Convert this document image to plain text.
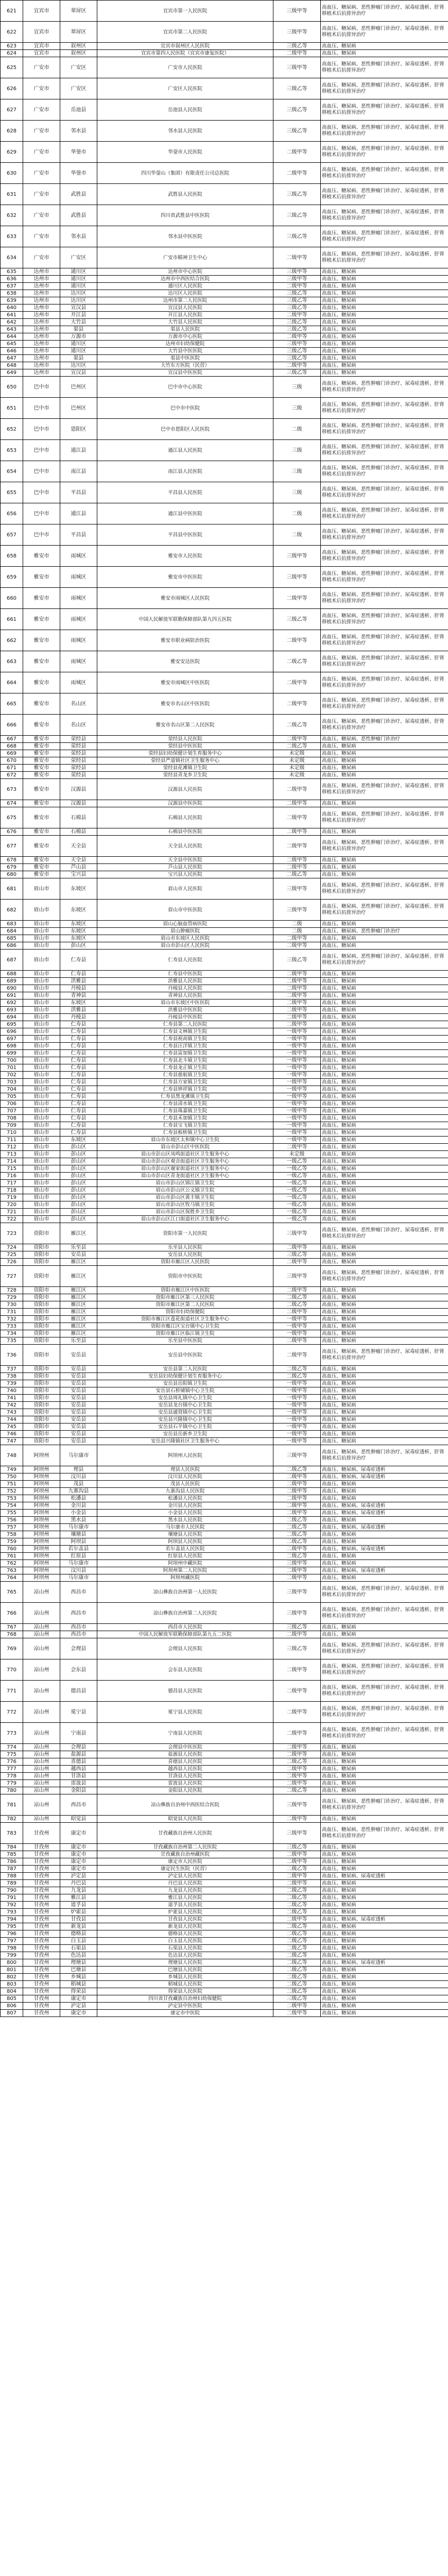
621	宜宾市	翠屏区	宜宾市第一人民医院	三级甲等	高血压、糖尿病、恶性肿瘤门诊治疗、尿毒症透析、肝肾移植术后抗排异治疗
622	宜宾市	翠屏区	宜宾市第二人民医院	三级甲等	高血压、糖尿病、恶性肿瘤门诊治疗、尿毒症透析、肝肾移植术后抗排异治疗
623	宜宾市	叙州区	宜宾市叙州区人民医院	三级乙等	高血压、糖尿病
624	宜宾市	叙州区	宜宾市第四人民医院（宜宾市康复医院）	二级甲等	高血压、糖尿病
625	广安市	广安区	广安市人民医院	三级甲等	高血压、糖尿病、恶性肿瘤门诊治疗、尿毒症透析、肝肾移植术后抗排异治疗
626	广安市	广安区	广安区人民医院	三级乙等	高血压、糖尿病、恶性肿瘤门诊治疗、尿毒症透析、肝肾移植术后抗排异治疗
627	广安市	岳池县	岳池县人民医院	三级乙等	高血压、糖尿病、恶性肿瘤门诊治疗、尿毒症透析、肝肾移植术后抗排异治疗
628	广安市	邻水县	邻水县人民医院	三级乙等	高血压、糖尿病、恶性肿瘤门诊治疗、尿毒症透析、肝肾移植术后抗排异治疗
629	广安市	华蓥市	华蓥市人民医院	二级甲等	高血压、糖尿病、恶性肿瘤门诊治疗、尿毒症透析、肝肾移植术后抗排异治疗
630	广安市	华蓥市	四川华蓥山（集团）有限责任公司总医院	二级甲等	高血压、糖尿病、恶性肿瘤门诊治疗、尿毒症透析、肝肾移植术后抗排异治疗
631	广安市	武胜县	武胜县人民医院	三级乙等	高血压、糖尿病、恶性肿瘤门诊治疗、尿毒症透析、肝肾移植术后抗排异治疗
632	广安市	武胜县	四川省武胜县中医医院	三级乙等	高血压、糖尿病、恶性肿瘤门诊治疗、尿毒症透析、肝肾移植术后抗排异治疗
633	广安市	邻水县	邻水县中医医院	三级乙等	高血压、糖尿病、恶性肿瘤门诊治疗、尿毒症透析、肝肾移植术后抗排异治疗
634	广安市	广安区	广安市精神卫生中心	二级甲等	高血压、糖尿病、恶性肿瘤门诊治疗、尿毒症透析、肝肾移植术后抗排异治疗
635	达州市	通川区	达州市中心医院	三级甲等	高血压、糖尿病
636	达州市	通川区	达州市中西医结合医院	三级甲等	高血压、糖尿病
637	达州市	通川区	通川区人民医院	二级甲等	高血压、糖尿病
638	达州市	达川区	达川区人民医院	三级乙等	高血压、糖尿病
639	达州市	达川区	达州市第二人民医院	三级乙等	高血压、糖尿病
640	达州市	宣汉县	宣汉县人民医院	三级乙等	高血压、糖尿病
641	达州市	开江县	开江县人民医院	二级甲等	高血压、糖尿病
642	达州市	大竹县	大竹县人民医院	三级乙等	高血压、糖尿病
643	达州市	渠县	渠县人民医院	三级乙等	高血压、糖尿病
644	达州市	万源市	万源市中心医院	二级甲等	高血压、糖尿病
645	达州市	通川区	达州市妇幼保健院	三级甲等	高血压、糖尿病
646	达州市	通川区	大竹县中医医院	三级乙等	高血压、糖尿病
647	达州市	渠县	渠县中医医院	三级乙等	高血压、糖尿病
648	达州市	达川区	大竹东方医院（民营）	二级甲等	高血压、糖尿病
649	达州市	宣汉县	宣汉县中医医院	三级乙等	高血压、糖尿病
650	巴中市	巴州区	巴中市中心医院	三级	高血压、糖尿病、恶性肿瘤门诊治疗、尿毒症透析、肝肾移植术后抗排异治疗
651	巴中市	巴州区	巴中市中医院	三级	高血压、糖尿病、恶性肿瘤门诊治疗、尿毒症透析、肝肾移植术后抗排异治疗
652	巴中市	恩阳区	巴中市恩阳区人民医院	二级	高血压、糖尿病、恶性肿瘤门诊治疗、尿毒症透析、肝肾移植术后抗排异治疗
653	巴中市	通江县	通江县人民医院	三级	高血压、糖尿病、恶性肿瘤门诊治疗、尿毒症透析、肝肾移植术后抗排异治疗
654	巴中市	南江县	南江县人民医院	三级	高血压、糖尿病、恶性肿瘤门诊治疗、尿毒症透析、肝肾移植术后抗排异治疗
655	巴中市	平昌县	平昌县人民医院	三级	高血压、糖尿病、恶性肿瘤门诊治疗、尿毒症透析、肝肾移植术后抗排异治疗
656	巴中市	通江县	通江县中医医院	二级	高血压、糖尿病、恶性肿瘤门诊治疗、尿毒症透析、肝肾移植术后抗排异治疗
657	巴中市	平昌县	平昌县中医医院	二级	高血压、糖尿病、恶性肿瘤门诊治疗、尿毒症透析、肝肾移植术后抗排异治疗
658	雅安市	雨城区	雅安市人民医院	三级甲等	高血压、糖尿病、恶性肿瘤门诊治疗、尿毒症透析、肝肾移植术后抗排异治疗
659	雅安市	雨城区	雅安市中医医院	三级甲等	高血压、糖尿病、恶性肿瘤门诊治疗、尿毒症透析、肝肾移植术后抗排异治疗
660	雅安市	雨城区	雅安市雨城区人民医院	二级甲等	高血压、糖尿病、恶性肿瘤门诊治疗、尿毒症透析、肝肾移植术后抗排异治疗
661	雅安市	雨城区	中国人民解放军联勤保障部队第九四五医院	三级乙等	高血压、糖尿病、恶性肿瘤门诊治疗、尿毒症透析、肝肾移植术后抗排异治疗
662	雅安市	雨城区	雅安市职业病防治医院	二级甲等	高血压、糖尿病、恶性肿瘤门诊治疗、尿毒症透析、肝肾移植术后抗排异治疗
663	雅安市	雨城区	雅安安达医院	二级乙等	高血压、糖尿病、恶性肿瘤门诊治疗、尿毒症透析、肝肾移植术后抗排异治疗
664	雅安市	雨城区	雅安市雨城区中医医院	二级甲等	高血压、糖尿病、恶性肿瘤门诊治疗、尿毒症透析、肝肾移植术后抗排异治疗
665	雅安市	名山区	雅安市名山区中医医院	二级甲等	高血压、糖尿病、恶性肿瘤门诊治疗、尿毒症透析、肝肾移植术后抗排异治疗
666	雅安市	名山区	雅安市名山区第二人民医院	二级乙等	高血压、糖尿病、恶性肿瘤门诊治疗、尿毒症透析、肝肾移植术后抗排异治疗
667	雅安市	荥经县	荥经县人民医院	二级甲等	高血压、糖尿病、恶性肿瘤门诊治疗
668	雅安市	荥经县	荥经县中医医院	二级乙等	高血压、糖尿病
669	雅安市	荥经县	荥经县妇幼保健计划生育服务中心	未定级	高血压、糖尿病
670	雅安市	荥经县	荥经县严道镇社区卫生服务中心	未定级	高血压、糖尿病
671	雅安市	荥经县	荥经县花滩镇卫生院	未定级	高血压、糖尿病
672	雅安市	荥经县	荥经县青龙乡卫生院	未定级	高血压、糖尿病
673	雅安市	汉源县	汉源县人民医院	二级甲等	高血压、糖尿病、恶性肿瘤门诊治疗、尿毒症透析、肝肾移植术后抗排异治疗
674	雅安市	汉源县	汉源县中医医院	二级甲等	高血压、糖尿病
675	雅安市	石棉县	石棉县人民医院	二级甲等	高血压、糖尿病、恶性肿瘤门诊治疗、尿毒症透析、肝肾移植术后抗排异治疗
676	雅安市	石棉县	石棉县中医医院	二级甲等	高血压、糖尿病
677	雅安市	天全县	天全县人民医院	二级甲等	高血压、糖尿病、恶性肿瘤门诊治疗、尿毒症透析、肝肾移植术后抗排异治疗
678	雅安市	天全县	天全县中医医院	二级甲等	高血压、糖尿病
679	雅安市	芦山县	芦山县人民医院	二级甲等	高血压、糖尿病
680	雅安市	宝兴县	宝兴县人民医院	二级乙等	高血压、糖尿病
681	眉山市	东坡区	眉山市人民医院	三级甲等	高血压、糖尿病、恶性肿瘤门诊治疗、尿毒症透析、肝肾移植术后抗排异治疗
682	眉山市	东坡区	眉山市中医医院	三级甲等	高血压、糖尿病、恶性肿瘤门诊治疗、尿毒症透析、肝肾移植术后抗排异治疗
683	眉山市	东坡区	眉山心脑血管病医院	二级	高血压、糖尿病
684	眉山市	东坡区	眉山肿瘤医院	二级	高血压、糖尿病、恶性肿瘤门诊治疗
685	眉山市	东坡区	眉山市东坡区人民医院	二级甲等	高血压、糖尿病
686	眉山市	彭山区	眉山市彭山区人民医院	二级甲等	高血压、糖尿病
687	眉山市	仁寿县	仁寿县人民医院	三级乙等	高血压、糖尿病、恶性肿瘤门诊治疗、尿毒症透析、肝肾移植术后抗排异治疗
688	眉山市	仁寿县	仁寿县中医医院	二级甲等	高血压、糖尿病
689	眉山市	洪雅县	洪雅县人民医院	二级甲等	高血压、糖尿病
690	眉山市	丹棱县	丹棱县人民医院	二级甲等	高血压、糖尿病
691	眉山市	青神县	青神县人民医院	二级甲等	高血压、糖尿病
692	眉山市	东坡区	眉山市东坡区中医医院	二级甲等	高血压、糖尿病
693	眉山市	洪雅县	洪雅县中医医院	二级甲等	高血压、糖尿病
694	眉山市	丹棱县	丹棱县中医医院	二级甲等	高血压、糖尿病
695	眉山市	仁寿县	仁寿县第二人民医院	二级甲等	高血压、糖尿病
696	眉山市	仁寿县	仁寿县文林镇卫生院	一级甲等	高血压、糖尿病
697	眉山市	仁寿县	仁寿县视高镇卫生院	一级甲等	高血压、糖尿病
698	眉山市	仁寿县	仁寿县汪洋镇卫生院	一级甲等	高血压、糖尿病
699	眉山市	仁寿县	仁寿县富加镇卫生院	一级甲等	高血压、糖尿病
700	眉山市	仁寿县	仁寿县北斗镇卫生院	一级甲等	高血压、糖尿病
701	眉山市	仁寿县	仁寿县龙正镇卫生院	一级甲等	高血压、糖尿病
702	眉山市	仁寿县	仁寿县慈航镇卫生院	一级甲等	高血压、糖尿病
703	眉山市	仁寿县	仁寿县方家镇卫生院	一级甲等	高血压、糖尿病
704	眉山市	仁寿县	仁寿县钟祥镇卫生院	一级甲等	高血压、糖尿病
705	眉山市	仁寿县	仁寿县黑龙滩镇卫生院	一级甲等	高血压、糖尿病
706	眉山市	仁寿县	仁寿县清水镇卫生院	一级甲等	高血压、糖尿病
707	眉山市	仁寿县	仁寿县珠嘉镇卫生院	一级甲等	高血压、糖尿病
708	眉山市	仁寿县	仁寿县禾加镇卫生院	一级甲等	高血压、糖尿病
709	眉山市	仁寿县	仁寿县宝飞镇卫生院	一级甲等	高血压、糖尿病
710	眉山市	仁寿县	仁寿县板桥镇卫生院	一级甲等	高血压、糖尿病
711	眉山市	东坡区	眉山市东坡区太和镇中心卫生院	一级甲等	高血压、糖尿病
712	眉山市	彭山区	眉山市彭山区中医医院	二级甲等	高血压、糖尿病
713	眉山市	彭山区	眉山市彭山区凤鸣街道社区卫生服务中心	未定级	高血压、糖尿病
714	眉山市	彭山区	眉山市彭山区观音街道社区卫生服务中心	一级乙等	高血压、糖尿病
715	眉山市	彭山区	眉山市彭山区谢家街道社区卫生服务中心	一级乙等	高血压、糖尿病
716	眉山市	彭山区	眉山市彭山区青龙街道社区卫生服务中心	一级乙等	高血压、糖尿病
717	眉山市	彭山区	眉山市彭山区锦江镇卫生院	一级乙等	高血压、糖尿病
718	眉山市	彭山区	眉山市彭山区公义镇卫生院	一级乙等	高血压、糖尿病
719	眉山市	彭山区	眉山市彭山区黄丰镇卫生院	一级乙等	高血压、糖尿病
720	眉山市	彭山区	眉山市彭山区牧马镇卫生院	一级乙等	高血压、糖尿病
721	眉山市	彭山区	眉山市彭山区保胜乡卫生院	一级乙等	高血压、糖尿病
722	眉山市	彭山区	眉山市彭山区江口街道社区卫生服务中心	一级乙等	高血压、糖尿病
723	资阳市	雁江区	资阳市第一人民医院	三级甲等	高血压、糖尿病、恶性肿瘤门诊治疗、尿毒症透析、肝肾移植术后抗排异治疗
724	资阳市	乐至县	乐至县人民医院	二级甲等	高血压、糖尿病
725	资阳市	安岳县	安岳县人民医院	三级乙等	高血压、糖尿病
726	资阳市	雁江区	资阳市雁江区人民医院	二级甲等	高血压、糖尿病
727	资阳市	雁江区	资阳市中医医院	三级甲等	高血压、糖尿病、恶性肿瘤门诊治疗、尿毒症透析、肝肾移植术后抗排异治疗
728	资阳市	雁江区	资阳市雁江区中医医院	二级甲等	高血压、糖尿病
729	资阳市	雁江区	资阳市雁江区第三人民医院	二级乙等	高血压、糖尿病
730	资阳市	雁江区	资阳市雁江区第二人民医院	二级乙等	高血压、糖尿病
731	资阳市	雁江区	资阳市妇幼保健院	二级甲等	高血压、糖尿病
732	资阳市	雁江区	资阳市雁江区莲花街道社区卫生服务中心	一级甲等	高血压、糖尿病
733	资阳市	雁江区	资阳市雁江区宝台镇中心卫生院	一级甲等	高血压、糖尿病
734	资阳市	雁江区	资阳市雁江区临江镇卫生院	一级甲等	高血压、糖尿病
735	资阳市	乐至县	乐至县中医医院	二级甲等	高血压、糖尿病
736	资阳市	安岳县	安岳县中医医院	二级甲等	高血压、糖尿病、恶性肿瘤门诊治疗、尿毒症透析、肝肾移植术后抗排异治疗
737	资阳市	安岳县	安岳县第二人民医院	二级乙等	高血压、糖尿病
738	资阳市	安岳县	安岳县妇幼保健计划生育服务中心	二级乙等	高血压、糖尿病
739	资阳市	安岳县	安岳县岳阳镇卫生院	一级甲等	高血压、糖尿病
740	资阳市	安岳县	安岳县石桥铺镇中心卫生院	一级甲等	高血压、糖尿病
741	资阳市	安岳县	安岳县周礼镇中心卫生院	一级甲等	高血压、糖尿病
742	资阳市	安岳县	安岳县龙台镇中心卫生院	一级甲等	高血压、糖尿病
743	资阳市	安岳县	安岳县通贤镇中心卫生院	一级甲等	高血压、糖尿病
744	资阳市	安岳县	安岳县兴隆镇中心卫生院	一级甲等	高血压、糖尿病
745	资阳市	安岳县	安岳县石羊镇中心卫生院	一级甲等	高血压、糖尿病
746	资阳市	安岳县	安岳县岳新乡卫生院	一级甲等	高血压、糖尿病
747	资阳市	安岳县	安岳县兴隆镇社区卫生服务中心	一级甲等	高血压、糖尿病
748	阿坝州	马尔康市	阿坝州人民医院	三级甲等	高血压、糖尿病、恶性肿瘤门诊治疗、尿毒症透析、肝肾移植术后抗排异治疗
749	阿坝州	理县	理县人民医院	二级乙等	高血压、糖尿病、尿毒症透析
750	阿坝州	汶川县	汶川县人民医院	二级甲等	高血压、糖尿病、尿毒症透析
751	阿坝州	茂县	茂县人民医院	二级甲等	高血压、糖尿病
752	阿坝州	九寨沟县	九寨沟县人民医院	二级甲等	高血压、糖尿病
753	阿坝州	松潘县	松潘县人民医院	二级甲等	高血压、糖尿病
754	阿坝州	金川县	金川县人民医院	二级甲等	高血压、糖尿病、尿毒症透析
755	阿坝州	小金县	小金县人民医院	二级甲等	高血压、糖尿病、尿毒症透析
756	阿坝州	黑水县	黑水县人民医院	二级乙等	高血压、糖尿病
757	阿坝州	马尔康市	马尔康市人民医院	二级乙等	高血压、糖尿病、尿毒症透析
758	阿坝州	壤塘县	壤塘县人民医院	二级乙等	高血压、糖尿病
759	阿坝州	阿坝县	阿坝县人民医院	二级乙等	高血压、糖尿病
760	阿坝州	若尔盖县	若尔盖县人民医院	二级甲等	高血压、糖尿病、尿毒症透析
761	阿坝州	红原县	红原县人民医院	二级乙等	高血压、糖尿病
762	阿坝州	马尔康市	阿坝州中藏医院	三级甲等	高血压、糖尿病
763	阿坝州	汶川县	阿坝州第二人民医院	二级甲等	高血压、糖尿病、尿毒症透析
764	阿坝州	马尔康市	阿坝州藏医院	二级甲等	高血压、糖尿病
765	凉山州	西昌市	凉山彝族自治州第一人民医院	三级甲等	高血压、糖尿病、恶性肿瘤门诊治疗、尿毒症透析、肝肾移植术后抗排异治疗
766	凉山州	西昌市	凉山彝族自治州第二人民医院	三级甲等	高血压、糖尿病、恶性肿瘤门诊治疗、尿毒症透析、肝肾移植术后抗排异治疗
767	凉山州	西昌市	西昌市人民医院	三级乙等	高血压、糖尿病
768	凉山州	西昌市	中国人民解放军联勤保障部队第九五二医院	二级甲等	高血压、糖尿病
769	凉山州	会理县	会理县人民医院	三级乙等	高血压、糖尿病、恶性肿瘤门诊治疗、尿毒症透析、肝肾移植术后抗排异治疗
770	凉山州	会东县	会东县人民医院	二级甲等	高血压、糖尿病、恶性肿瘤门诊治疗、尿毒症透析、肝肾移植术后抗排异治疗
771	凉山州	德昌县	德昌县人民医院	二级甲等	高血压、糖尿病、恶性肿瘤门诊治疗、尿毒症透析、肝肾移植术后抗排异治疗
772	凉山州	冕宁县	冕宁县人民医院	二级甲等	高血压、糖尿病、恶性肿瘤门诊治疗、尿毒症透析、肝肾移植术后抗排异治疗
773	凉山州	宁南县	宁南县人民医院	二级甲等	高血压、糖尿病、恶性肿瘤门诊治疗、尿毒症透析、肝肾移植术后抗排异治疗
774	凉山州	会理县	会理县中医医院	二级甲等	高血压、糖尿病
775	凉山州	盐源县	盐源县人民医院	二级甲等	高血压、糖尿病
776	凉山州	喜德县	喜德县人民医院	二级乙等	高血压、糖尿病
777	凉山州	越西县	越西县人民医院	二级甲等	高血压、糖尿病
778	凉山州	甘洛县	甘洛县人民医院	二级甲等	高血压、糖尿病
779	凉山州	雷波县	雷波县人民医院	二级甲等	高血压、糖尿病
780	凉山州	金阳县	金阳县人民医院	二级乙等	高血压、糖尿病
781	凉山州	西昌市	凉山彝族自治州中西医结合医院	三级甲等	高血压、糖尿病、恶性肿瘤门诊治疗、尿毒症透析、肝肾移植术后抗排异治疗
782	凉山州	昭觉县	昭觉县人民医院	二级甲等	高血压、糖尿病
783	甘孜州	康定市	甘孜藏族自治州人民医院	三级甲等	高血压、糖尿病、恶性肿瘤门诊治疗、尿毒症透析、肝肾移植术后抗排异治疗
784	甘孜州	康定市	甘孜藏族自治州第二人民医院	三级乙等	高血压、糖尿病
785	甘孜州	康定市	甘孜藏族自治州藏医院	二级甲等	高血压、糖尿病
786	甘孜州	康定市	康定市人民医院	二级甲等	高血压、糖尿病
787	甘孜州	康定市	康定民生医院（民营）	二级乙等	高血压、糖尿病
788	甘孜州	泸定县	泸定县人民医院	二级甲等	高血压、糖尿病、尿毒症透析
789	甘孜州	丹巴县	丹巴县人民医院	二级甲等	高血压、糖尿病
790	甘孜州	九龙县	九龙县人民医院	二级乙等	高血压、糖尿病
791	甘孜州	雅江县	雅江县人民医院	二级乙等	高血压、糖尿病
792	甘孜州	道孚县	道孚县人民医院	二级乙等	高血压、糖尿病
793	甘孜州	炉霍县	炉霍县人民医院	二级乙等	高血压、糖尿病
794	甘孜州	甘孜县	甘孜县人民医院	二级甲等	高血压、糖尿病、尿毒症透析
795	甘孜州	新龙县	新龙县人民医院	二级乙等	高血压、糖尿病
796	甘孜州	德格县	德格县人民医院	二级乙等	高血压、糖尿病
797	甘孜州	白玉县	白玉县人民医院	二级乙等	高血压、糖尿病
798	甘孜州	石渠县	石渠县人民医院	二级乙等	高血压、糖尿病
799	甘孜州	色达县	色达县人民医院	二级乙等	高血压、糖尿病
800	甘孜州	理塘县	理塘县人民医院	二级乙等	高血压、糖尿病、尿毒症透析
801	甘孜州	巴塘县	巴塘县人民医院	二级乙等	高血压、糖尿病
802	甘孜州	乡城县	乡城县人民医院	二级乙等	高血压、糖尿病
803	甘孜州	稻城县	稻城县人民医院	二级乙等	高血压、糖尿病
804	甘孜州	得荣县	得荣县人民医院	二级乙等	高血压、糖尿病
805	甘孜州	康定市	四川省甘孜藏族自治州妇幼保健院	三级乙等	高血压、糖尿病
806	甘孜州	泸定县	泸定县中医医院	二级甲等	高血压、糖尿病
807	甘孜州	康定市	康定市中医院	二级甲等	高血压、糖尿病
